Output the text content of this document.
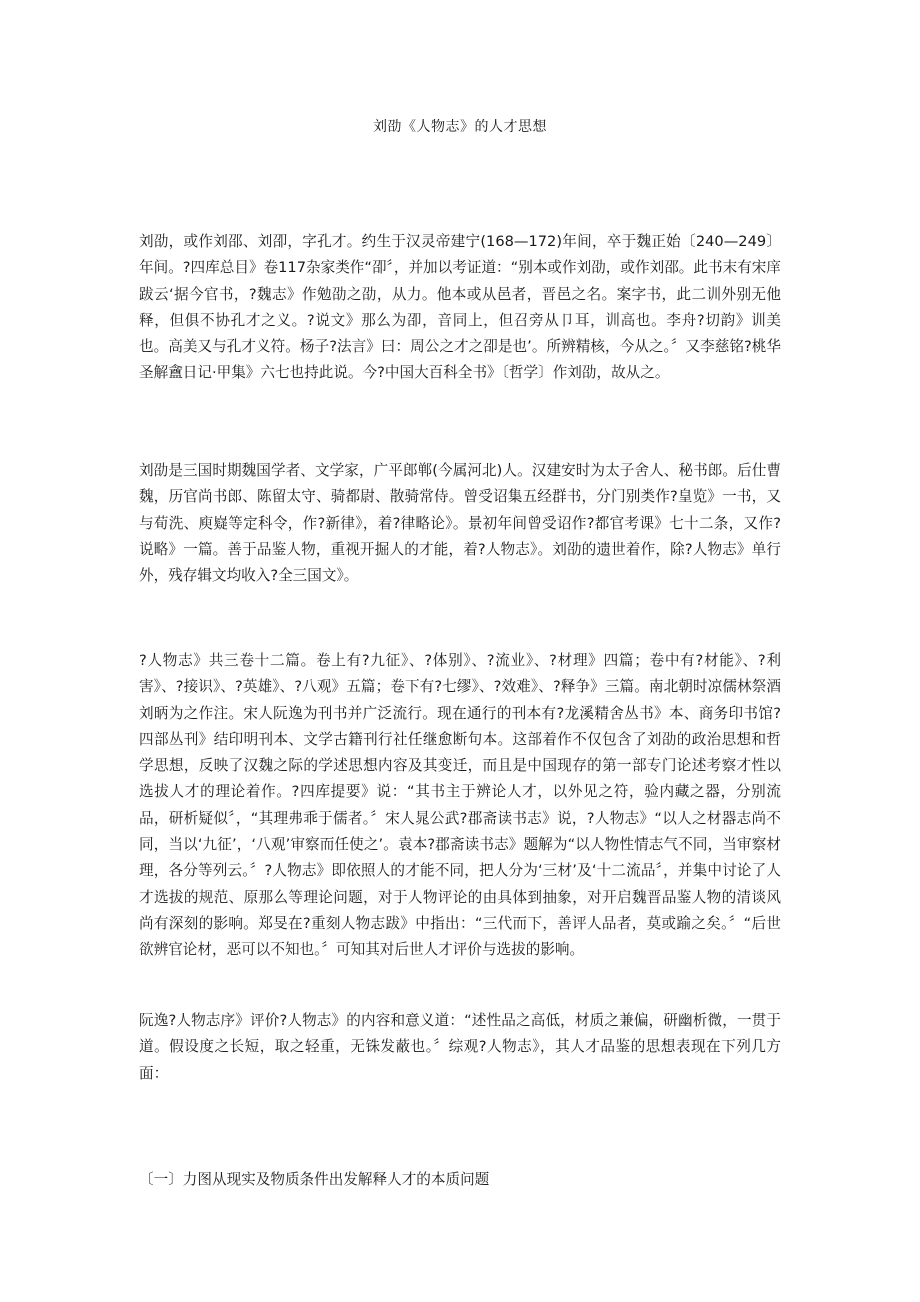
刘劭《人物志》的人才思想

刘劭，或作刘邵、刘卲，字孔才。约生于汉灵帝建宁(168—172)年间，卒于魏正始〔240—249〕年间。?四库总目》卷117杂家类作“卲〞，并加以考证道：“别本或作刘劭，或作刘邵。此书末有宋庠跋云‘据今官书，?魏志》作勉劭之劭，从力。他本或从邑者，晋邑之名。案字书，此二训外别无他释，但俱不协孔才之义。?说文》那么为卲，音同上，但召旁从卩耳，训高也。李舟?切韵》训美也。高美又与孔才义符。杨子?法言》曰：周公之才之卲是也’。所辨精核，今从之。〞又李慈铭?桃华圣解盦日记·甲集》六七也持此说。今?中国大百科全书》〔哲学〕作刘劭，故从之。

刘劭是三国时期魏国学者、文学家，广平郎郸(今属河北)人。汉建安时为太子舍人、秘书郎。后仕曹魏，历官尚书郎、陈留太守、骑都尉、散骑常侍。曾受诏集五经群书，分门别类作?皇览》一书，又与荀洗、庾嶷等定科令，作?新律》，着?律略论》。景初年间曾受诏作?都官考课》七十二条，又作?说略》一篇。善于品鉴人物，重视开掘人的才能，着?人物志》。刘劭的遗世着作，除?人物志》单行外，残存辑文均收入?全三国文》。

?人物志》共三卷十二篇。卷上有?九征》、?体别》、?流业》、?材理》四篇；卷中有?材能》、?利害》、?接识》、?英雄》、?八观》五篇；卷下有?七缪》、?效难》、?释争》三篇。南北朝时凉儒林祭酒刘昞为之作注。宋人阮逸为刊书并广泛流行。现在通行的刊本有?龙溪精舍丛书》本、商务印书馆?四部丛刊》结印明刊本、文学古籍刊行社任继愈断句本。这部着作不仅包含了刘劭的政治思想和哲学思想，反映了汉魏之际的学述思想内容及其变迁，而且是中国现存的第一部专门论述考察才性以选拔人才的理论着作。?四库提要》说：“其书主于辨论人才，以外见之符，验内藏之器，分别流品，研析疑似〞，“其理弗乖于儒者。〞宋人晁公武?郡斋读书志》说，?人物志》“以人之材器志尚不同，当以‘九征’，‘八观’审察而任使之’。袁本?郡斋读书志》题解为“以人物性情志气不同，当审察材理，各分等列云。〞?人物志》即依照人的才能不同，把人分为‘三材’及‘十二流品〞，并集中讨论了人才选拔的规范、原那么等理论问题，对于人物评论的由具体到抽象，对开启魏晋品鉴人物的清谈风尚有深刻的影响。郑旻在?重刻人物志跋》中指出：“三代而下，善评人品者，莫或踰之矣。〞“后世欲辨官论材，恶可以不知也。〞可知其对后世人才评价与选拔的影响。

阮逸?人物志序》评价?人物志》的内容和意义道：“述性品之高低，材质之兼偏，研幽析微，一贯于道。假设度之长短，取之轻重，无铢发蔽也。〞综观?人物志》，其人才品鉴的思想表现在下列几方面：

〔一〕力图从现实及物质条件出发解释人才的本质问题
